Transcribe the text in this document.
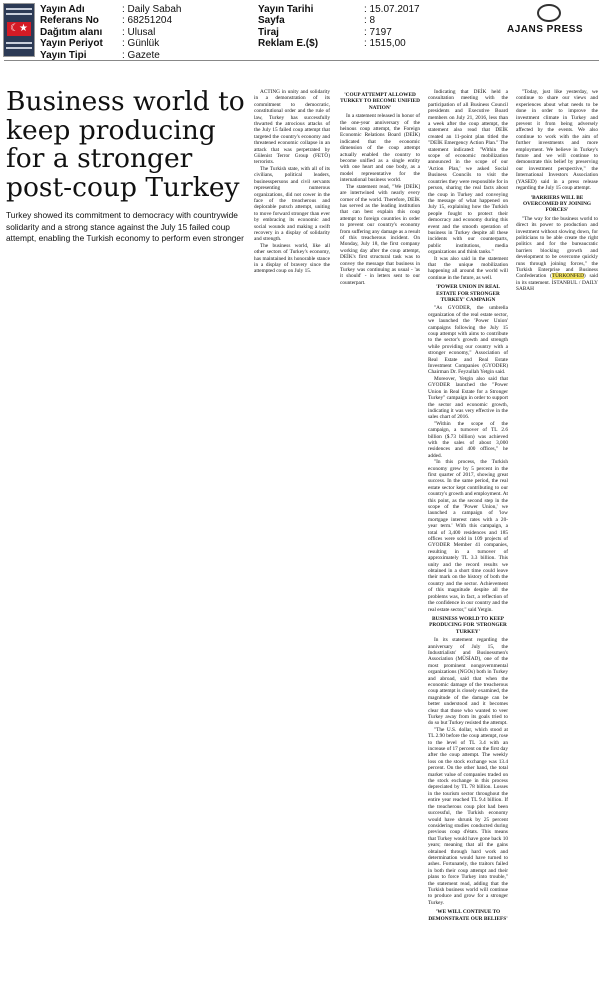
☾★
Yayın Adı	: Daily Sabah
Referans No	: 68251204
Dağıtım alanı	: Ulusal
Yayın Periyot	: Günlük
Yayın Tipi	: Gazete
Yayın Tarihi	: 15.07.2017
Sayfa	: 8
Tiraj	: 7197
Reklam E.($)	: 1515,00
AJANS PRESS
Business world to keep producing for a stronger post-coup Turkey

Turkey showed its commitment to democracy with countrywide solidarity and a strong stance against the July 15 failed coup attempt, enabling the Turkish economy to perform even stronger

ACTING in unity and solidarity in a demonstration of its commitment to democratic, constitutional order and the rule of law, Turkey has successfully thwarted the atrocious attacks of the July 15 failed coup attempt that targeted the country's economy and threatened economic collapse in an attack that was perpetrated by Gülenist Terror Group (FETÖ) terrorists.

The Turkish state, with all of its civilians, political leaders, businesspersons and civil servants representing numerous organizations, did not cower in the face of the treacherous and deplorable putsch attempt, uniting to move forward stronger than ever by embracing its economic and social wounds and making a swift recovery in a display of solidarity and strength.

The business world, like all other sectors of Turkey's economy, has maintained its honorable stance in a display of bravery since the attempted coup on July 15.

'COUP ATTEMPT ALLOWED TURKEY TO BECOME UNIFIED NATION'

In a statement released in honor of the one-year anniversary of the heinous coup attempt, the Foreign Economic Relations Board (DEİK) indicated that the economic dimension of the coup attempt actually enabled the country to become unified as a single entity with one heart and one body, as a model representative for the international business world.

The statement read, "We [DEİK] are intertwined with nearly every corner of the world. Therefore, DEİK has served as the leading institution that can best explain this coup attempt to foreign countries in order to prevent our country's economy from suffering any damage as a result of this treacherous incident. On Monday, July 18, the first company working day after the coup attempt, DEİK's first structural task was to convey the message that business in Turkey was continuing as usual - 'as it should' - in letters sent to our counterpart.

Indicating that DEİK held a consultation meeting with the participation of all Business Council presidents and Executive Board members on July 21, 2016, less than a week after the coup attempt, the statement also read that DEİK created an 11-point plan titled the "DEİK Emergency Action Plan." The statement indicated: "Within the scope of economic mobilization announced in the scope of our 'Action Plan,' we asked Social Business Councils to visit the countries they were responsible for in person, sharing the real facts about the coup in Turkey and conveying the message of what happened on July 15, explaining how the Turkish people fought to protect their democracy and economy during this event and the smooth operation of business in Turkey despite all these incidents with our counterparts, public institutions, media organizations and think tanks."

It was also said in the statement that the unique mobilization happening all around the world will continue in the future, as well.

'POWER UNION IN REAL ESTATE FOR STRONGER TURKEY' CAMPAIGN

"As GYODER, the umbrella organization of the real estate sector, we launched the 'Power Union' campaigns following the July 15 coup attempt with aims to contribute to the sector's growth and strength while providing our country with a stronger economy," Association of Real Estate and Real Estate Investment Companies (GYODER) Chairman Dr. Feyzullah Yetgin said.

Moreover, Yetgin also said that GYODER launched the "Power Union in Real Estate for a Stronger Turkey" campaign in order to support the sector and economic growth, indicating it was very effective in the sales chart of 2016.

"Within the scope of the campaign, a turnover of TL 2.6 billion ($.73 billion) was achieved with the sales of about 3,000 residences and 400 offices," he added.

"In this process, the Turkish economy grew by 5 percent in the first quarter of 2017, showing great success. In the same period, the real estate sector kept contributing to our country's growth and employment. At this point, as the second step in the scope of the 'Power Union,' we launched a campaign of 'low mortgage interest rates with a 20-year term.' With this campaign, a total of 3,400 residences and 185 offices were sold in 109 projects of GYODER Member 41 companies, resulting in a turnover of approximately TL 3.3 billion. This unity and the record results we obtained in a short time could leave their mark on the history of both the country and the sector. Achievement of this magnitude despite all the problems was, in fact, a reflection of the confidence in our country and the real estate sector," said Yetgin.

BUSINESS WORLD TO KEEP PRODUCING FOR 'STRONGER TURKEY'

In its statement regarding the anniversary of July 15, the Industrialists' and Businessmen's Association (MÜSİAD), one of the most prominent nongovernmental organizations (NGOs) both in Turkey and abroad, said that when the economic damage of the treacherous coup attempt is closely examined, the magnitude of the damage can be better understood and it becomes clear that those who wanted to veer Turkey away from its goals tried to do so but Turkey resisted the attempt.

"The U.S. dollar, which stood at TL 2.90 before the coup attempt, rose to the level of TL 3.4 with an increase of 17 percent on the first day after the coup attempt. The weekly loss on the stock exchange was 13.4 percent. On the other hand, the total market value of companies traded on the stock exchange in this process depreciated by TL 78 billion. Losses in the tourism sector throughout the entire year reached TL 9.4 billion. If the treacherous coup plot had been successful, the Turkish economy would have shrunk by 25 percent considering studies conducted during previous coup d'états. This means that Turkey would have gone back 10 years; meaning that all the gains obtained through hard work and determination would have turned to ashes. Fortunately, the traitors failed in both their coup attempt and their plans to force Turkey into trouble," the statement read, adding that the Turkish business world will continue to produce and grow for a stronger Turkey.

'WE WILL CONTINUE TO DEMONSTRATE OUR BELIEFS'

"Today, just like yesterday, we continue to share our views and experiences about what needs to be done in order to improve the investment climate in Turkey and prevent it from being adversely affected by the events. We also continue to work with the aim of further investments and more employment. We believe in Turkey's future and we will continue to demonstrate this belief by preserving our investment perspective," the International Investors Association (YASED) said in a press release regarding the July 15 coup attempt.

'BARRIERS WILL BE OVERCOMED BY JOINING FORCES'

"The way for the business world to direct its power to production and investment without slowing down, for politicians to be able create the right politics and for the bureaucratic barriers blocking growth and development to be overcome quickly runs through joining forces," the Turkish Enterprise and Business Confederation (TÜRKONFED) said in its statement. İSTANBUL / DAILY SABAH
